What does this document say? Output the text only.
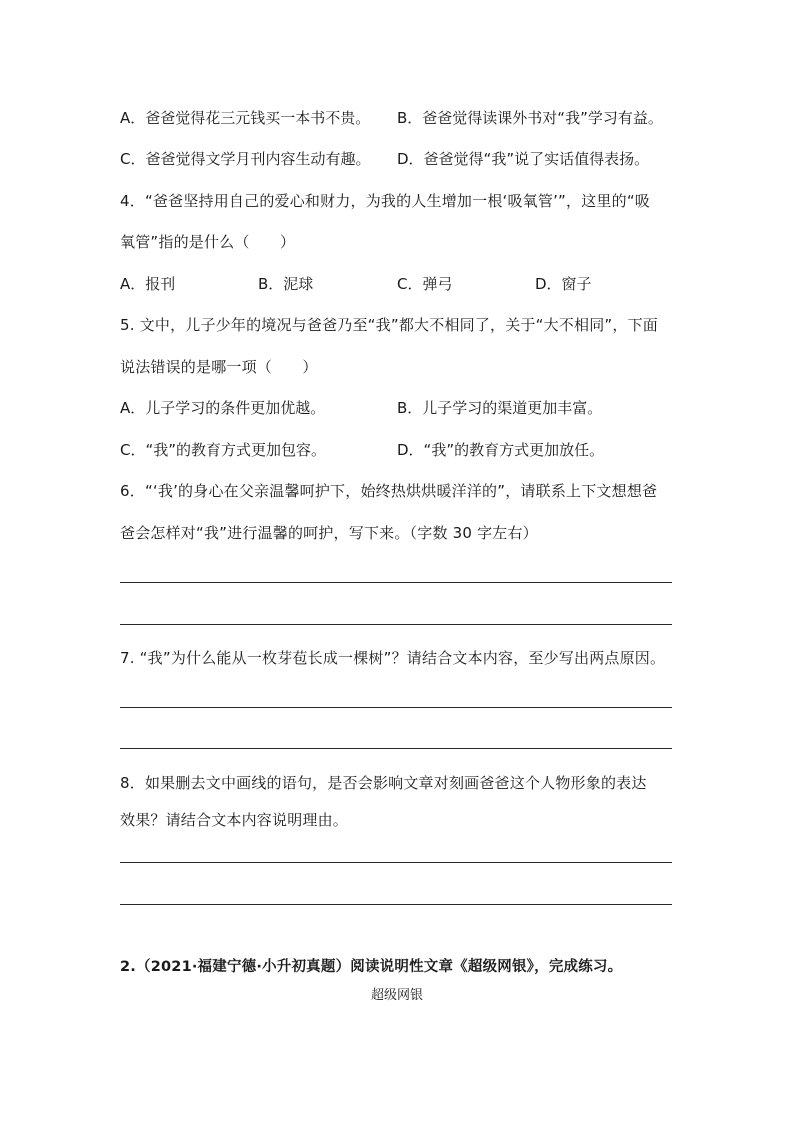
A．爸爸觉得花三元钱买一本书不贵。 B．爸爸觉得读课外书对“我”学习有益。
C．爸爸觉得文学月刊内容生动有趣。 D．爸爸觉得“我”说了实话值得表扬。
4．“爸爸坚持用自己的爱心和财力，为我的人生增加一根‘吸氧管’”，这里的“吸
氧管”指的是什么（　　）
A．报刊	B．泥球	C．弹弓	D．窗子
5. 文中，儿子少年的境况与爸爸乃至“我”都大不相同了，关于“大不相同”，下面
说法错误的是哪一项（　　）
A．儿子学习的条件更加优越。	B．儿子学习的渠道更加丰富。
C．“我”的教育方式更加包容。	D．“我”的教育方式更加放任。
6．“‘我’的身心在父亲温馨呵护下，始终热烘烘暖洋洋的”，请联系上下文想想爸
爸会怎样对“我”进行温馨的呵护，写下来。（字数 30 字左右）
7. “我”为什么能从一枚芽苞长成一棵树”？请结合文本内容，至少写出两点原因。
8．如果删去文中画线的语句，是否会影响文章对刻画爸爸这个人物形象的表达
效果？请结合文本内容说明理由。
2.（2021·福建宁德·小升初真题）阅读说明性文章《超级网银》，完成练习。
超级网银
